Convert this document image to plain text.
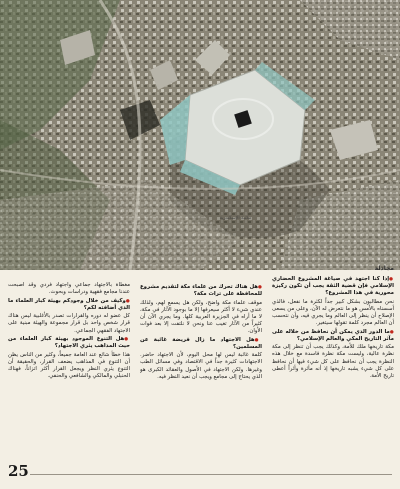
مكتبة الإسكندرية
مجادلة

● إذا كنا اجتهد في صياغة المشروع الحضاري الإسلامي فإن قضية الثقة يجب أن تكون ركيزة محورية في هذا المشروع؟

نحن مطالبون بشكل كبير جداً لكثرة ما نفعل، فالذي أسسناه بالأمس هو ما نتعرض له الآن، وعلى من يسعى الإصلاح أن ينظر إلى العالم وما يجري فيه، وأن نتحسب أن العالم مجرد كلمة تقولها سيتغير.

● ما الدور الذي يمكن أن نحافظ من خلاله على مآثر التاريخ المكي والعالم الإسلامي؟

مكة تاريخها ملك للأمة، وكذلك يجب أن تنظر إلى مكة نظرة عالية، وليست مكة نظرة فاسدة مع خلال هذه النظرة يجب أن نحافظ على كل شيء فيها أن نحافظ على كل شيء يشبه تاريخها إذ أنه مأثرة وأثراً أعطى تاريخ الأمة.

● هل هناك تحرك من علماء مكة لتقديم مشروع للمحافظة على تراث مكة؟

موقف علماء مكة واضح، ولكن هل يسمع لهم، ولذلك عندي شيء لا أكثر سيعرفها إلا ما بوجود الآثار في مكة، لا ما أراه في الجزيرة العربية كلها. وما يجري الآن أن كثيراً من الآثار تغيب عنا ونحن لا نلتفت إلا بعد فوات الأوان.

● هل الاجتهاد ما زال فريضة غائبة عن المسلمين؟

كلمة غائبة ليس لها محل اليوم، لأن الاجتهاد حاضر. الاجتهادات كثيرة جداً في الاقتصاد وفي مسائل الطب وغيرها. ولكن الاجتهاد في الأصول والعقائد الكبرى هو الذي يحتاج إلى مجامع ويجب أن نعيد النظر فيه.

مغطاة بالاجتهاد جماعي واجتهاد فردي وقد أصبحت عندنا مجامع فقهية ودراسات وبحوث.

● وكيف من خلال وجودكم بهيئة كبار العلماء ما الذي أضافته لكم؟

كل عضو له دوره والقرارات تصدر بالأغلبية ليس هناك قرار شخص واحد بل قرار مجموعة والهيئة مبنية على الاجتهاد الفقهي الجماعي.

● هل التنوع الموجود بهيئة كبار العلماء من حيث المذاهب يثري الاجتهاد؟

هذا خطأ شائع عند العامة جميعاً، وكثير من الناس يظن أن التنوع في المذاهب يضعف القرار، والحقيقة أن التنوع يثري النظر ويجعل القرار أكثر اتزاناً، فهناك الحنبلي والمالكي والشافعي والحنفي.

25
